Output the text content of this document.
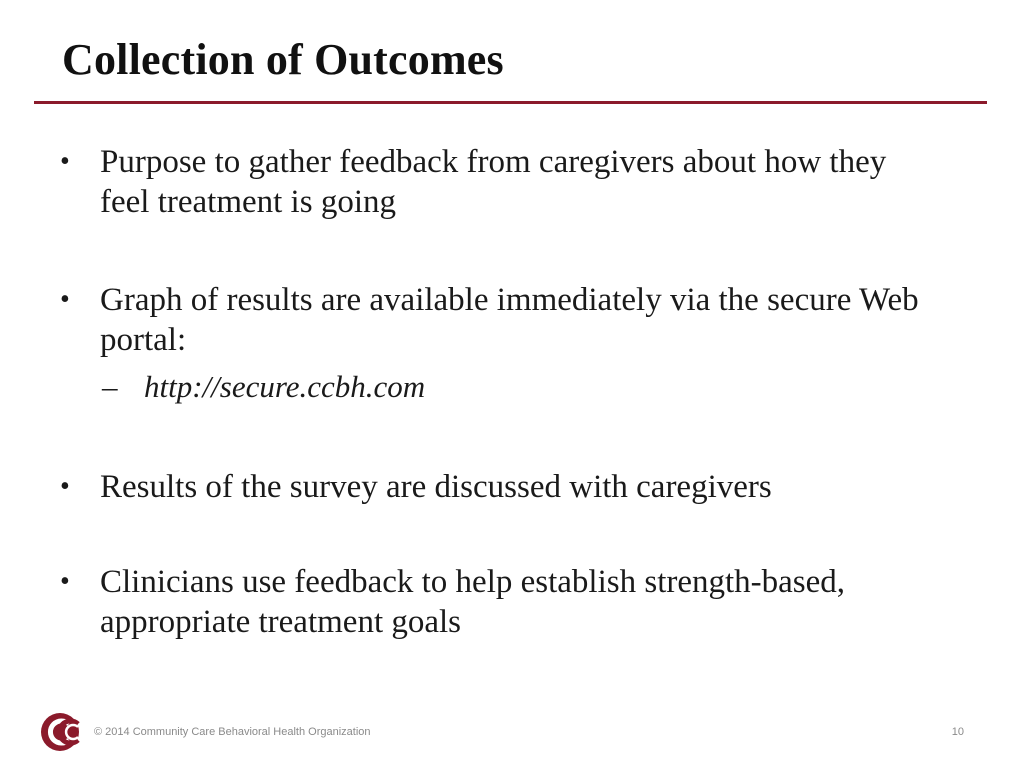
Collection of Outcomes
• Purpose to gather feedback from caregivers about how they feel treatment is going
• Graph of results are available immediately via the secure Web portal:
– http://secure.ccbh.com
• Results of the survey are discussed with caregivers
• Clinicians use feedback to help establish strength-based, appropriate treatment goals
© 2014 Community Care Behavioral Health Organization	10
